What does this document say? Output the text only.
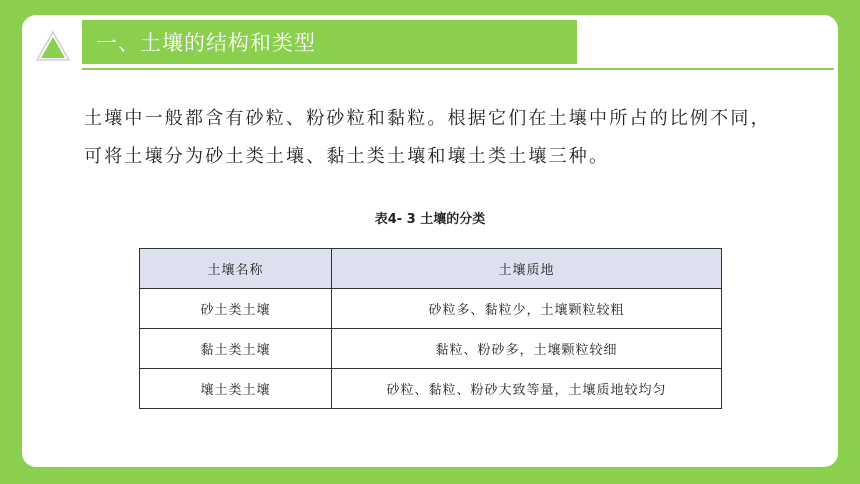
一、土壤的结构和类型

土壤中一般都含有砂粒、粉砂粒和黏粒。根据它们在土壤中所占的比例不同，

可将土壤分为砂土类土壤、黏土类土壤和壤土类土壤三种。

表4- 3 土壤的分类
土壤名称	土壤质地
砂土类土壤	砂粒多、黏粒少，土壤颗粒较粗
黏土类土壤	黏粒、粉砂多，土壤颗粒较细
壤土类土壤	砂粒、黏粒、粉砂大致等量，土壤质地较均匀
